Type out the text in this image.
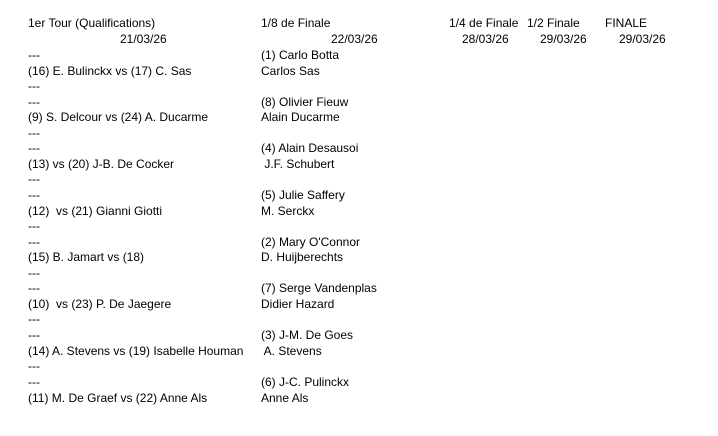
1er Tour (Qualifications)
21/03/26
1/8 de Finale
22/03/26
1/4 de Finale
28/03/26
1/2 Finale
29/03/26
FINALE
29/03/26
---
(16) E. Bulinckx vs (17) C. Sas
---
---
(9) S. Delcour vs (24) A. Ducarme
---
---
(13) vs (20) J-B. De Cocker
---
---
(12)  vs (21) Gianni Giotti
---
---
(15) B. Jamart vs (18)
---
---
(10)  vs (23) P. De Jaegere
---
---
(14) A. Stevens vs (19) Isabelle Houman
---
---
(11) M. De Graef vs (22) Anne Als
(1) Carlo Botta
Carlos Sas
(8) Olivier Fieuw
Alain Ducarme
(4) Alain Desausoi
J.F. Schubert
(5) Julie Saffery
M. Serckx
(2) Mary O'Connor
D. Huijberechts
(7) Serge Vandenplas
Didier Hazard
(3) J-M. De Goes
A. Stevens
(6) J-C. Pulinckx
Anne Als
